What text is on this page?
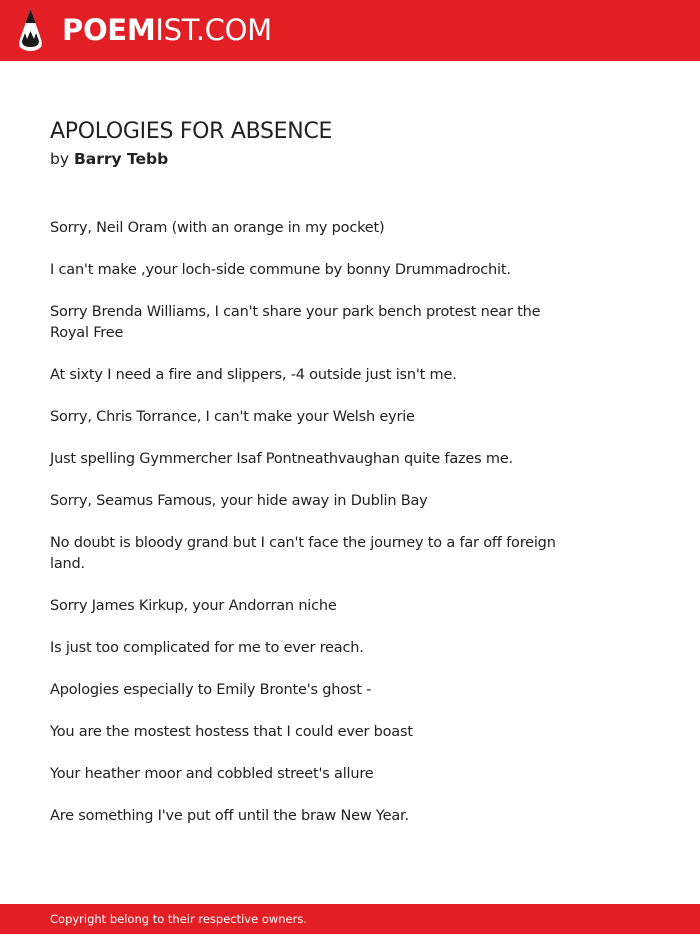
POEMIST.COM
APOLOGIES FOR ABSENCE
by Barry Tebb

Sorry, Neil Oram (with an orange in my pocket)

I can't make ,your loch-side commune by bonny Drummadrochit.

Sorry Brenda Williams, I can't share your park bench protest near the Royal Free

At sixty I need a fire and slippers, -4 outside just isn't me.

Sorry, Chris Torrance, I can't make your Welsh eyrie

Just spelling Gymmercher Isaf Pontneathvaughan quite fazes me.

Sorry, Seamus Famous, your hide away in Dublin Bay

No doubt is bloody grand but I can't face the journey to a far off foreign land.

Sorry James Kirkup, your Andorran niche

Is just too complicated for me to ever reach.

Apologies especially to Emily Bronte's ghost -

You are the mostest hostess that I could ever boast

Your heather moor and cobbled street's allure

Are something I've put off until the braw New Year.

Copyright belong to their respective owners.
